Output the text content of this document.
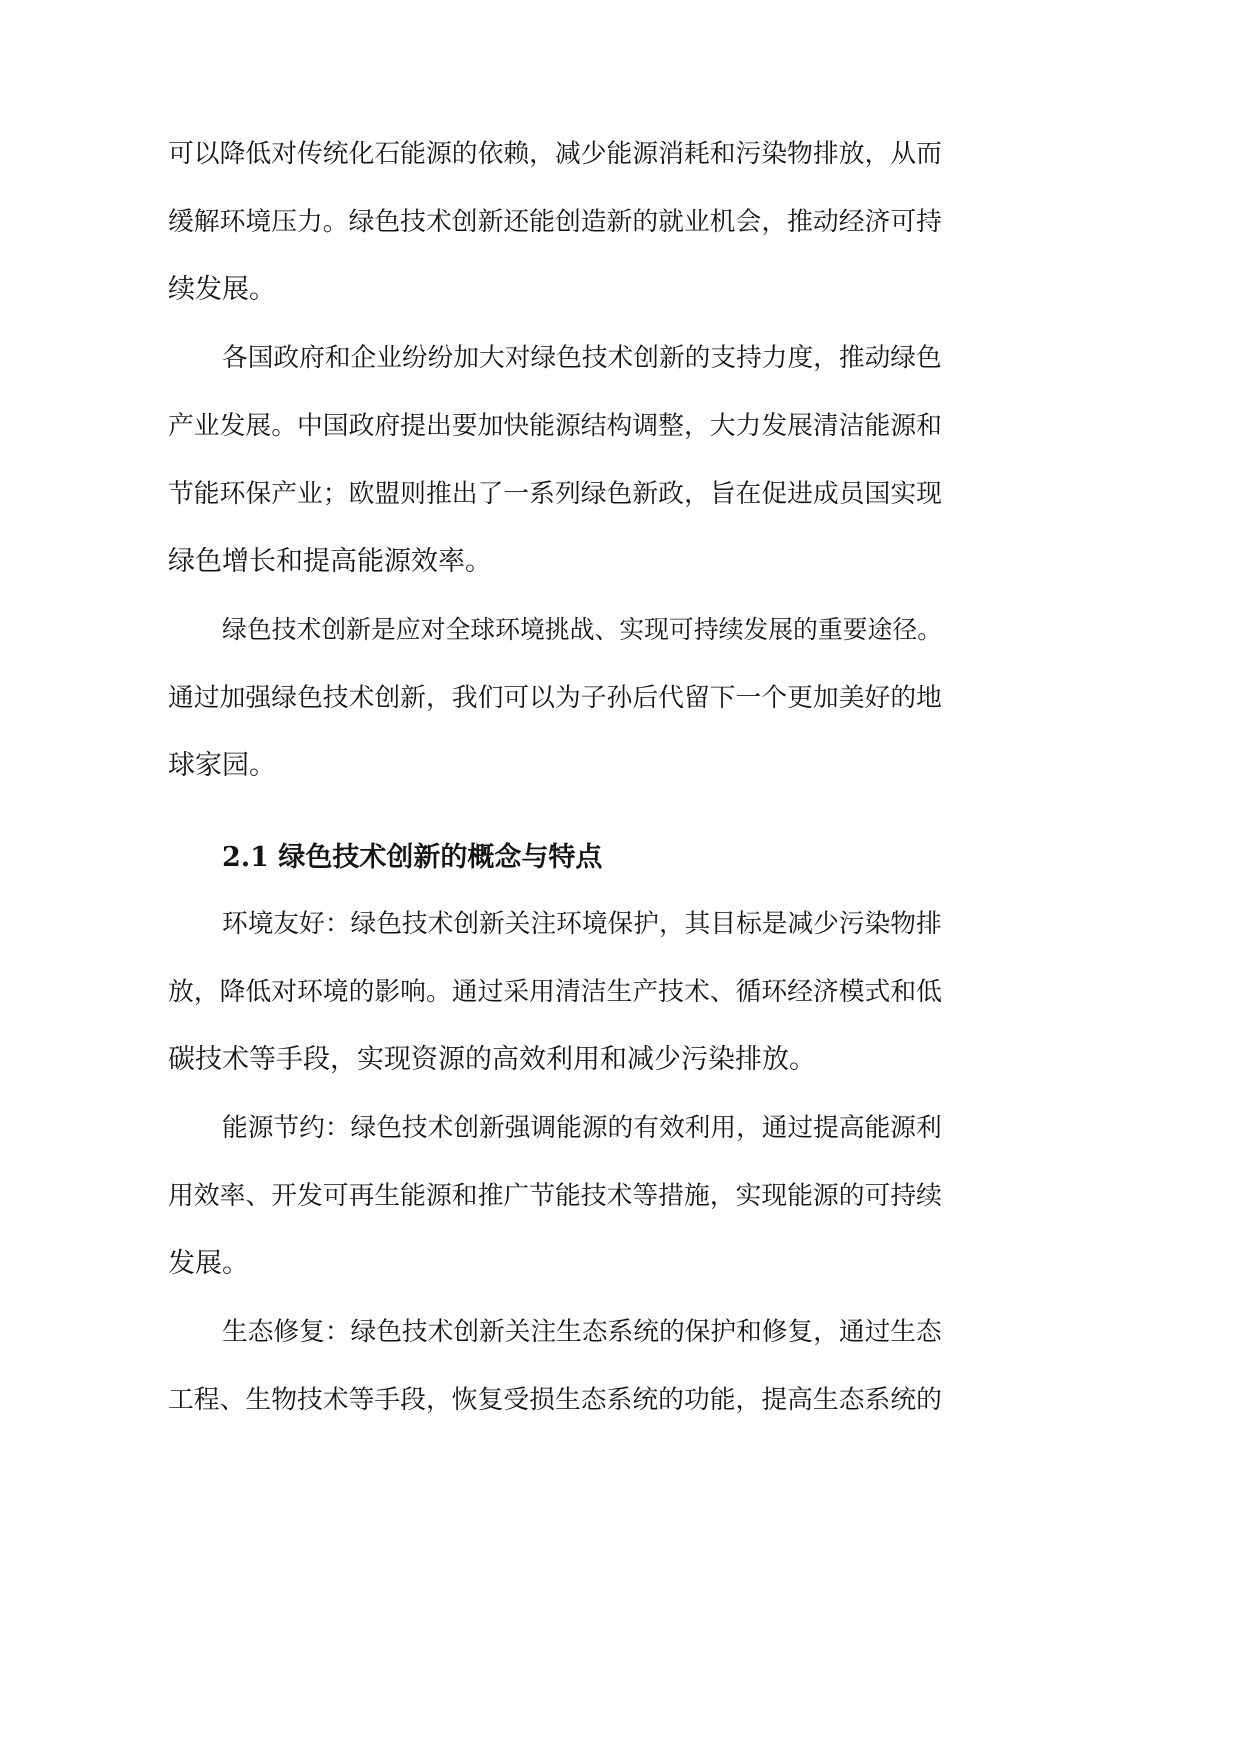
可以降低对传统化石能源的依赖，减少能源消耗和污染物排放，从而

缓解环境压力。绿色技术创新还能创造新的就业机会，推动经济可持

续发展。

各国政府和企业纷纷加大对绿色技术创新的支持力度，推动绿色

产业发展。中国政府提出要加快能源结构调整，大力发展清洁能源和

节能环保产业；欧盟则推出了一系列绿色新政，旨在促进成员国实现

绿色增长和提高能源效率。

绿色技术创新是应对全球环境挑战、实现可持续发展的重要途径。

通过加强绿色技术创新，我们可以为子孙后代留下一个更加美好的地

球家园。

2.1 绿色技术创新的概念与特点

环境友好：绿色技术创新关注环境保护，其目标是减少污染物排

放，降低对环境的影响。通过采用清洁生产技术、循环经济模式和低

碳技术等手段，实现资源的高效利用和减少污染排放。

能源节约：绿色技术创新强调能源的有效利用，通过提高能源利

用效率、开发可再生能源和推广节能技术等措施，实现能源的可持续

发展。

生态修复：绿色技术创新关注生态系统的保护和修复，通过生态

工程、生物技术等手段，恢复受损生态系统的功能，提高生态系统的
